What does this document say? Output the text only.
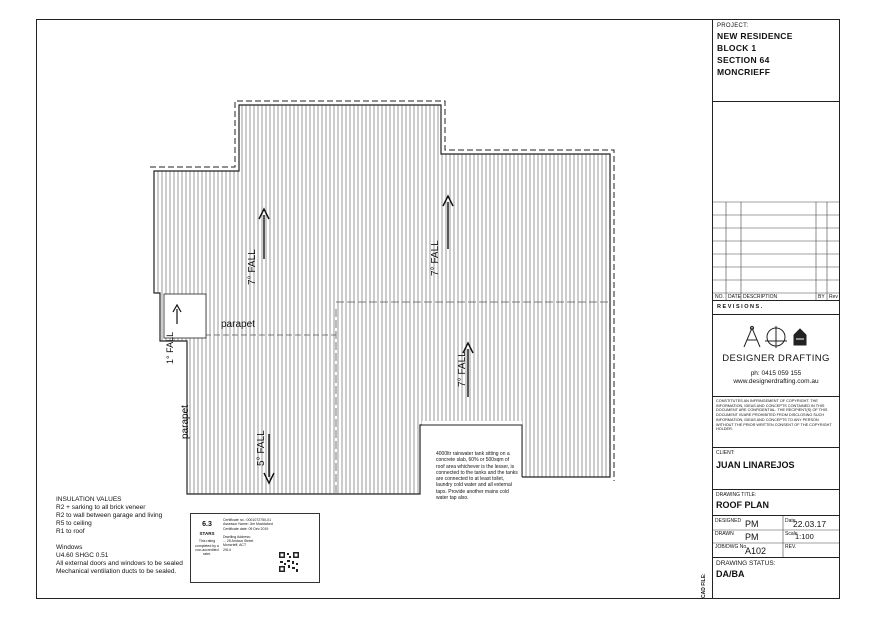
7° FALL	7° FALL
7° FALL
5° FALL
1° FALL
parapet
parapet
4000ltr rainwater tank sitting on a concrete slab, 60% or 500sqm of roof area whichever is the lesser, is connected to the tanks and the tanks are connected to at least toilet, laundry cold water and all external taps. Provide another mains cold water tap also.
INSULATION VALUES
R2 + sarking to all brick veneer
R2 to wall between garage and living
R5 to ceiling
R1 to roof
Windows
U4.60 SHGC 0.51
All external doors and windows to be sealed
Mechanical ventilation ducts to be sealed.
6.3
STARS
This rating completed by a non-accredited rater.
Certificate no.: 0001072750-01
Assessor Name: Jim Maddaford
Certificate date: 09 Dec 2019
Dwelling Address:
... 25 Amicus Street
Moncrieff, ACT
2914
PROJECT:
NEW RESIDENCE
BLOCK 1
SECTION 64
MONCRIEFF
NO. DATE DESCRIPTION	BY Rev
R E V I S I O N S .
DESIGNER DRAFTING
ph: 0415 059 155
www.designerdrafting.com.au
CONSTITUTES AN INFRINGEMENT OF COPYRIGHT. THE INFORMATION, IDEAS AND CONCEPTS CONTAINED IN THIS DOCUMENT ARE CONFIDENTIAL. THE RECIPIENT(S) OF THIS DOCUMENT IS/ARE PROHIBITED FROM DISCLOSING SUCH INFORMATION, IDEAS AND CONCEPTS TO ANY PERSON WITHOUT THE PRIOR WRITTEN CONSENT OF THE COPYRIGHT HOLDER.
CLIENT:
JUAN LINAREJOS
DRAWING TITLE:
ROOF PLAN
DESIGNED PM	Date
22.03.17
DRAWN PM	Scale
1:100
JOB/DWG No.
A102	REV.
DRAWING STATUS:
DA/BA
CAD FILE:
